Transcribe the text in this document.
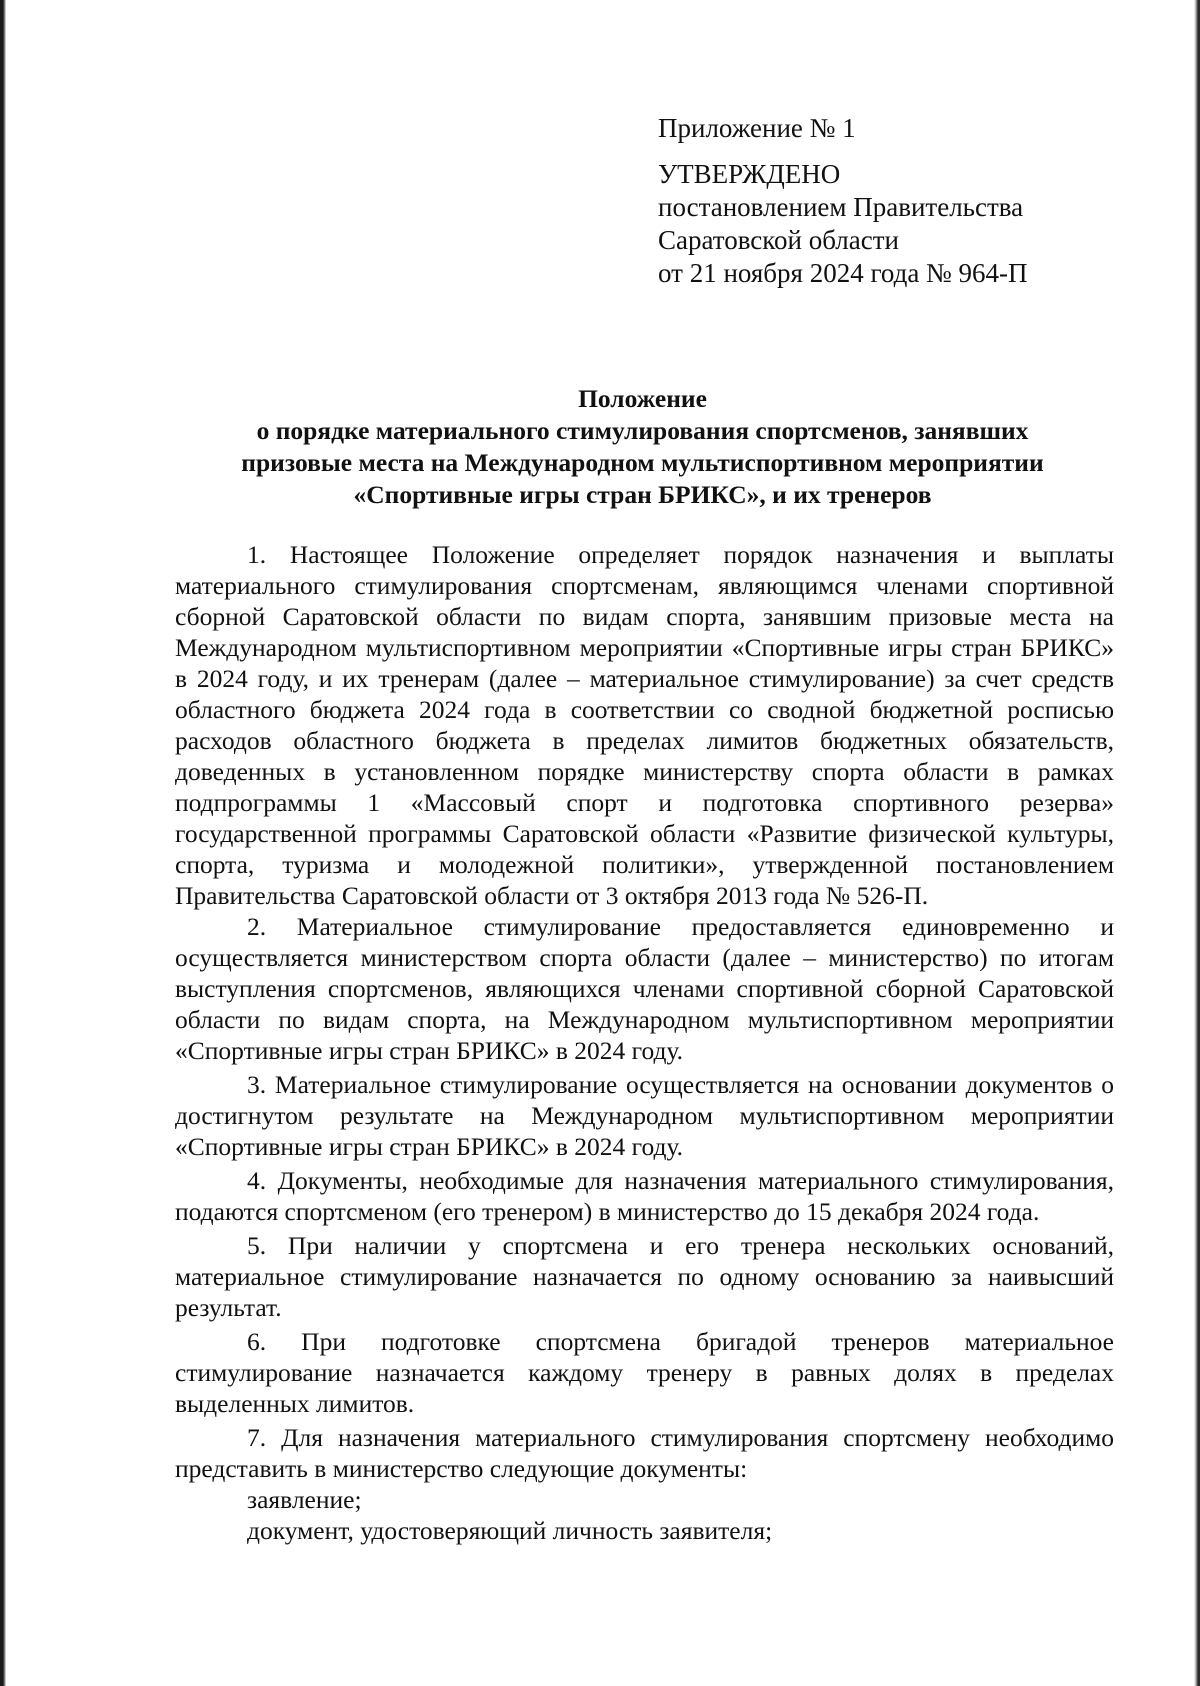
Приложение № 1
УТВЕРЖДЕНО
постановлением Правительства
Саратовской области
от 21 ноября 2024 года № 964-П
Положение
о порядке материального стимулирования спортсменов, занявших
призовые места на Международном мультиспортивном мероприятии
«Спортивные игры стран БРИКС», и их тренеров

1. Настоящее Положение определяет порядок назначения и выплаты материального стимулирования спортсменам, являющимся членами спортивной сборной Саратовской области по видам спорта, занявшим призовые места на Международном мультиспортивном мероприятии «Спортивные игры стран БРИКС» в 2024 году, и их тренерам (далее – материальное стимулирование) за счет средств областного бюджета 2024 года в соответствии со сводной бюджетной росписью расходов областного бюджета в пределах лимитов бюджетных обязательств, доведенных в установленном порядке министерству спорта области в рамках подпрограммы 1 «Массовый спорт и подготовка спортивного резерва» государственной программы Саратовской области «Развитие физической культуры, спорта, туризма и молодежной политики», утвержденной постановлением Правительства Саратовской области от 3 октября 2013 года № 526-П.

2. Материальное стимулирование предоставляется единовременно и осуществляется министерством спорта области (далее – министерство) по итогам выступления спортсменов, являющихся членами спортивной сборной Саратовской области по видам спорта, на Международном мультиспортивном мероприятии «Спортивные игры стран БРИКС» в 2024 году.

3. Материальное стимулирование осуществляется на основании документов о достигнутом результате на Международном мультиспортивном мероприятии «Спортивные игры стран БРИКС» в 2024 году.

4. Документы, необходимые для назначения материального стимулирования, подаются спортсменом (его тренером) в министерство до 15 декабря 2024 года.

5. При наличии у спортсмена и его тренера нескольких оснований, материальное стимулирование назначается по одному основанию за наивысший результат.

6. При подготовке спортсмена бригадой тренеров материальное стимулирование назначается каждому тренеру в равных долях в пределах выделенных лимитов.

7. Для назначения материального стимулирования спортсмену необходимо представить в министерство следующие документы:

заявление;

документ, удостоверяющий личность заявителя;
